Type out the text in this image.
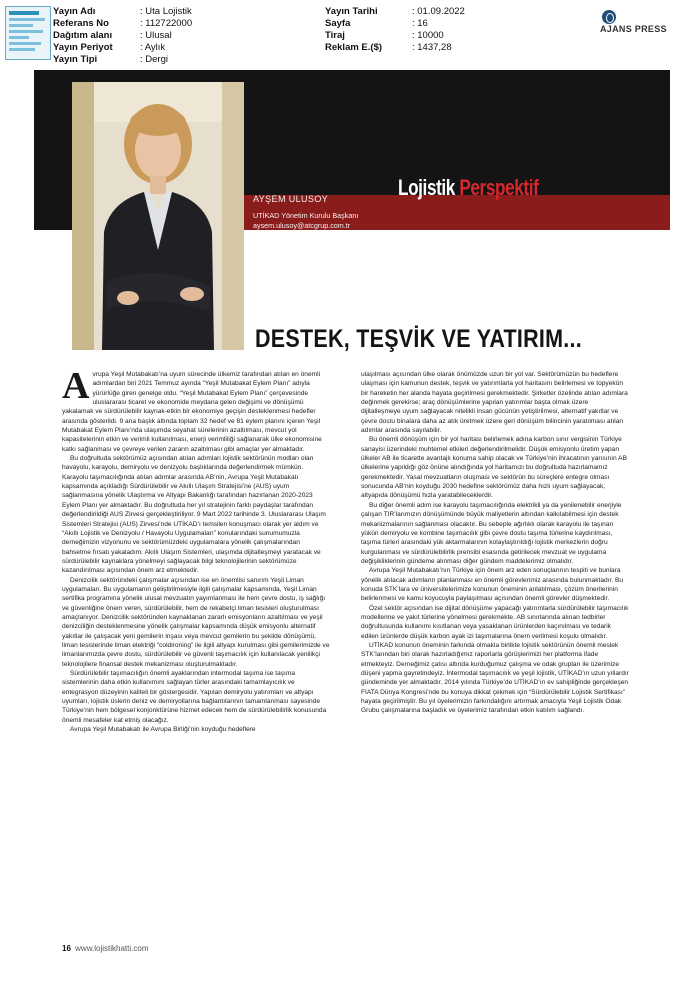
Yayın Adı	: Uta Lojistik
Referans No	: 112722000
Dağıtım alanı	: Ulusal
Yayın Periyot	: Aylık
Yayın Tipi	: Dergi
Yayın Tarihi	: 01.09.2022
Sayfa	: 16
Tiraj	: 10000
Reklam E.($)	: 1437,28
AJANS PRESS
Lojistik Perspektif
AYŞEM ULUSOY
UTİKAD Yönetim Kurulu Başkanı
aysem.ulusoy@atcgrup.com.tr
DESTEK, TEŞVİK VE YATIRIM...

Avrupa Yeşil Mutabakatı’na uyum sürecinde ülkemiz tarafından atılan en önemli adımlardan biri 2021 Temmuz ayında “Yeşil Mutabakat Eylem Planı” adıyla yürürlüğe giren genelge oldu. “Yeşil Mutabakat Eylem Planı” çerçevesinde uluslararası ticaret ve ekonomide meydana gelen değişimi ve dönüşümü yakalamak ve sürdürülebilir kaynak-etkin bir ekonomiye geçişin desteklenmesi hedefler arasında gösterildi. 9 ana başlık altında toplam 32 hedef ve 81 eylem planını içeren Yeşil Mutabakat Eylem Planı’nda ulaşımda seyahat sürelerinin azaltılması, mevcut yol kapasitelerinin etkin ve verimli kullanılması, enerji verimliliği sağlanarak ülke ekonomisine katkı sağlanması ve çevreye verilen zararın azaltılması gibi amaçlar yer almaktadır.

Bu doğrultuda sektörümüz açısından atılan adımları lojistik sektörünün modları olan havayolu, karayolu, demiryolu ve denizyolu başlıklarında değerlendirmek mümkün. Karayolu taşımacılığında atılan adımlar arasında AB’nin, Avrupa Yeşil Mutabakatı kapsamında açıkladığı Sürdürülebilir ve Akıllı Ulaşım Stratejisi’ne (AUS) uyum sağlanmasına yönelik Ulaştırma ve Altyapı Bakanlığı tarafından hazırlanan 2020-2023 Eylem Planı yer almaktadır. Bu doğrultuda her yıl stratejinin farklı paydaşlar tarafından değerlendirildiği AUS Zirvesi gerçekleştiriliyor. 9 Mart 2022 tarihinde 3. Uluslararası Ulaşım Sistemleri Stratejisi (AUS) Zirvesi’nde UTİKAD’ı temsilen konuşmacı olarak yer aldım ve “Akıllı Lojistik ve Denizyolu / Havayolu Uygulamaları” konularındaki sunumumuzla derneğimizin vizyonunu ve sektörümüzdeki uygulamalara yönelik çalışmalarından bahsetme fırsatı yakaladım. Akıllı Ulaşım Sistemleri, ulaşımda dijitalleşmeyi yaratacak ve sürdürülebilir kaynaklara yönelmeyi sağlayacak bilgi teknolojilerinin sektörümüze kazandırılması açısından önem arz etmektedir.

Denizcilik sektöründeki çalışmalar açısından ise en önemlisi sanırım Yeşil Liman uygulamaları. Bu uygulamanın geliştirilmesiyle ilgili çalışmalar kapsamında, Yeşil Liman sertifika programına yönelik ulusal mevzuatın yayımlanması ile hem çevre dostu, iş sağlığı ve güvenliğine önem veren, sürdürülebilir, hem de rekabetçi liman tesisleri oluşturulması amaçlanıyor. Denizcilik sektöründen kaynaklanan zararlı emisyonların azaltılması ve yeşil denizciliğin desteklenmesine yönelik çalışmalar kapsamında düşük emisyonlu alternatif yakıtlar ile çalışacak yeni gemilerin inşası veya mevcut gemilerin bu şekilde dönüşümü, liman tesislerinde liman elektriği “coldironing” ile ilgili altyapı kurulması gibi gemilerimizde ve limanlarımızda çevre dostu, sürdürülebilir ve güvenli taşımacılık için kullanılacak yenilikçi teknolojilere finansal destek mekanizması oluşturulmaktadır.

Sürdürülebilir taşımacılığın önemli ayaklarından intermodal taşıma ise taşıma sistemlerinin daha etkin kullanımını sağlayan türler arasındaki tamamlayıcılık ve entegrasyon düzeyinin kaliteli bir göstergesidir. Yapılan demiryolu yatırımları ve altyapı uyumları, lojistik üslerin deniz ve demiryollarına bağlantılarının tamamlanması sayesinde Türkiye’nin hem bölgesel konjonktürüne hizmet edecek hem de sürdürülebilirlik konusunda önemli mesafeler kat etmiş olacağız.

Avrupa Yeşil Mutabakatı ile Avrupa Birliği’nin koyduğu hedeflere

ulaşılması açısından ülke olarak önümüzde uzun bir yol var. Sektörümüzün bu hedeflere ulaşması için kamunun destek, teşvik ve yatırımlarla yol haritasını belirlemesi ve topyekûn bir hareketin her alanda hayata geçirilmesi gerekmektedir. Şirketler özelinde atılan adımlara değinmek gerekirse; araç dönüşümlerine yapılan yatırımlar başta olmak üzere dijitalleşmeye uyum sağlayacak nitelikli insan gücünün yetiştirilmesi, alternatif yakıtlar ve çevre dostu binalara daha az atık üretmek üzere geri dönüşüm bilincinin yaratılması atılan adımlar arasında sayılabilir.

Bu önemli dönüşüm için bir yol haritası belirlemek adına karbon sınır vergisinin Türkiye sanayisi üzerindeki muhtemel etkileri değerlendirilmelidir. Düşük emisyonlu üretim yapan ülkeler AB ile ticarette avantajlı konuma sahip olacak ve Türkiye’nin ihracatının yarısının AB ülkelerine yapıldığı göz önüne alındığında yol haritamızı bu doğrultuda hazırlamamız gerekmektedir. Yasal mevzuatların oluşması ve sektörün bu süreçlere entegre olması sonucunda AB’nin koyduğu 2030 hedefine sektörümüz daha hızlı uyum sağlayacak, altyapıda dönüşümü hızla yaratabileceklerdir.

Bu diğer önemli adım ise karayolu taşımacılığında elektrikli ya da yenilenebilir enerjiyle çalışan TIR’larımızın dönüşümünde büyük maliyetlerin altından kalkılabilmesi için destek mekanizmalarının sağlanması olacaktır. Bu sebeple ağırlıklı olarak karayolu ile taşınan yükün demiryolu ve kombine taşımacılık gibi çevre dostu taşıma türlerine kaydırılması, taşıma türleri arasındaki yük aktarmalarının kolaylaştırıldığı lojistik merkezlerin doğru kurgulanması ve sürdürülebilirlik prensibi esasında getirilecek mevzuat ve uygulama değişikliklerinin gündeme alınması diğer gündem maddelerimiz olmalıdır.

Avrupa Yeşil Mutabakatı’nın Türkiye için önem arz eden sonuçlarının tespiti ve bunlara yönelik atılacak adımların planlanması en önemli görevlerimiz arasında bulunmaktadır. Bu konuda STK’lara ve üniversitelerimize konunun öneminin anlatılması, çözüm önerilerinin belirlenmesi ve kamu koyucuyla paylaşılması açısından önemli görevler düşmektedir.

Özel sektör açısından ise dijital dönüşüme yapacağı yatırımlarla sürdürülebilir taşımacılık modellerine ve yakıt türlerine yönelmesi gerekmekte. AB sınırlarında alınan tedbirler doğrultusunda kullanımı kısıtlanan veya yasaklanan ürünlerden kaçınılması ve tedarik edilen ürünlerde düşük karbon ayak izi taşımalarına önem verilmesi koşulu olmalıdır.

UTİKAD konunun öneminin farkında olmakla birlikte lojistik sektörünün önemli meslek STK’larından biri olarak hazırladığımız raporlarla görüşlerimizi her platforma ifade etmekteyiz. Derneğimiz çatısı altında kurduğumuz çalışma ve odak grupları ile üzerimize düşeni yapma gayretindeyiz. İntermodal taşımacılık ve yeşil lojistik, UTİKAD’ın uzun yıllardır gündeminde yer almaktadır. 2014 yılında Türkiye’de UTİKAD’ın ev sahipliğinde gerçekleşen FIATA Dünya Kongresi’nde bu konuya dikkat çekmek için “Sürdürülebilir Lojistik Sertifikası” hayata geçirilmiştir. Bu yıl üyelerimizin farkındalığını artırmak amacıyla Yeşil Lojistik Odak Grubu çalışmalarına başladık ve üyelerimiz tarafından etkin katılım sağlandı.

16 www.lojistikhatti.com
